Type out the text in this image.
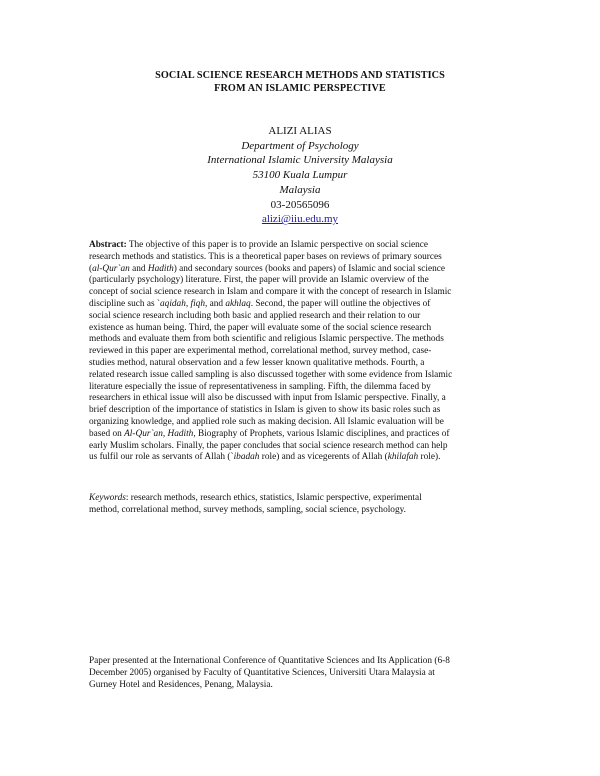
SOCIAL SCIENCE RESEARCH METHODS AND STATISTICS
FROM AN ISLAMIC PERSPECTIVE
ALIZI ALIAS
Department of Psychology
International Islamic University Malaysia
53100 Kuala Lumpur
Malaysia
03-20565096
alizi@iiu.edu.my
Abstract: The objective of this paper is to provide an Islamic perspective on social science
research methods and statistics. This is a theoretical paper bases on reviews of primary sources
(al-Qur`an and Hadith) and secondary sources (books and papers) of Islamic and social science
(particularly psychology) literature. First, the paper will provide an Islamic overview of the
concept of social science research in Islam and compare it with the concept of research in Islamic
discipline such as `aqidah, fiqh, and akhlaq. Second, the paper will outline the objectives of
social science research including both basic and applied research and their relation to our
existence as human being. Third, the paper will evaluate some of the social science research
methods and evaluate them from both scientific and religious Islamic perspective. The methods
reviewed in this paper are experimental method, correlational method, survey method, case-
studies method, natural observation and a few lesser known qualitative methods. Fourth, a
related research issue called sampling is also discussed together with some evidence from Islamic
literature especially the issue of representativeness in sampling. Fifth, the dilemma faced by
researchers in ethical issue will also be discussed with input from Islamic perspective. Finally, a
brief description of the importance of statistics in Islam is given to show its basic roles such as
organizing knowledge, and applied role such as making decision. All Islamic evaluation will be
based on Al-Qur`an, Hadith, Biography of Prophets, various Islamic disciplines, and practices of
early Muslim scholars. Finally, the paper concludes that social science research method can help
us fulfil our role as servants of Allah (`ibadah role) and as vicegerents of Allah (khilafah role).
Keywords: research methods, research ethics, statistics, Islamic perspective, experimental
method, correlational method, survey methods, sampling, social science, psychology.
Paper presented at the International Conference of Quantitative Sciences and Its Application (6-8
December 2005) organised by Faculty of Quantitative Sciences, Universiti Utara Malaysia at
Gurney Hotel and Residences, Penang, Malaysia.
